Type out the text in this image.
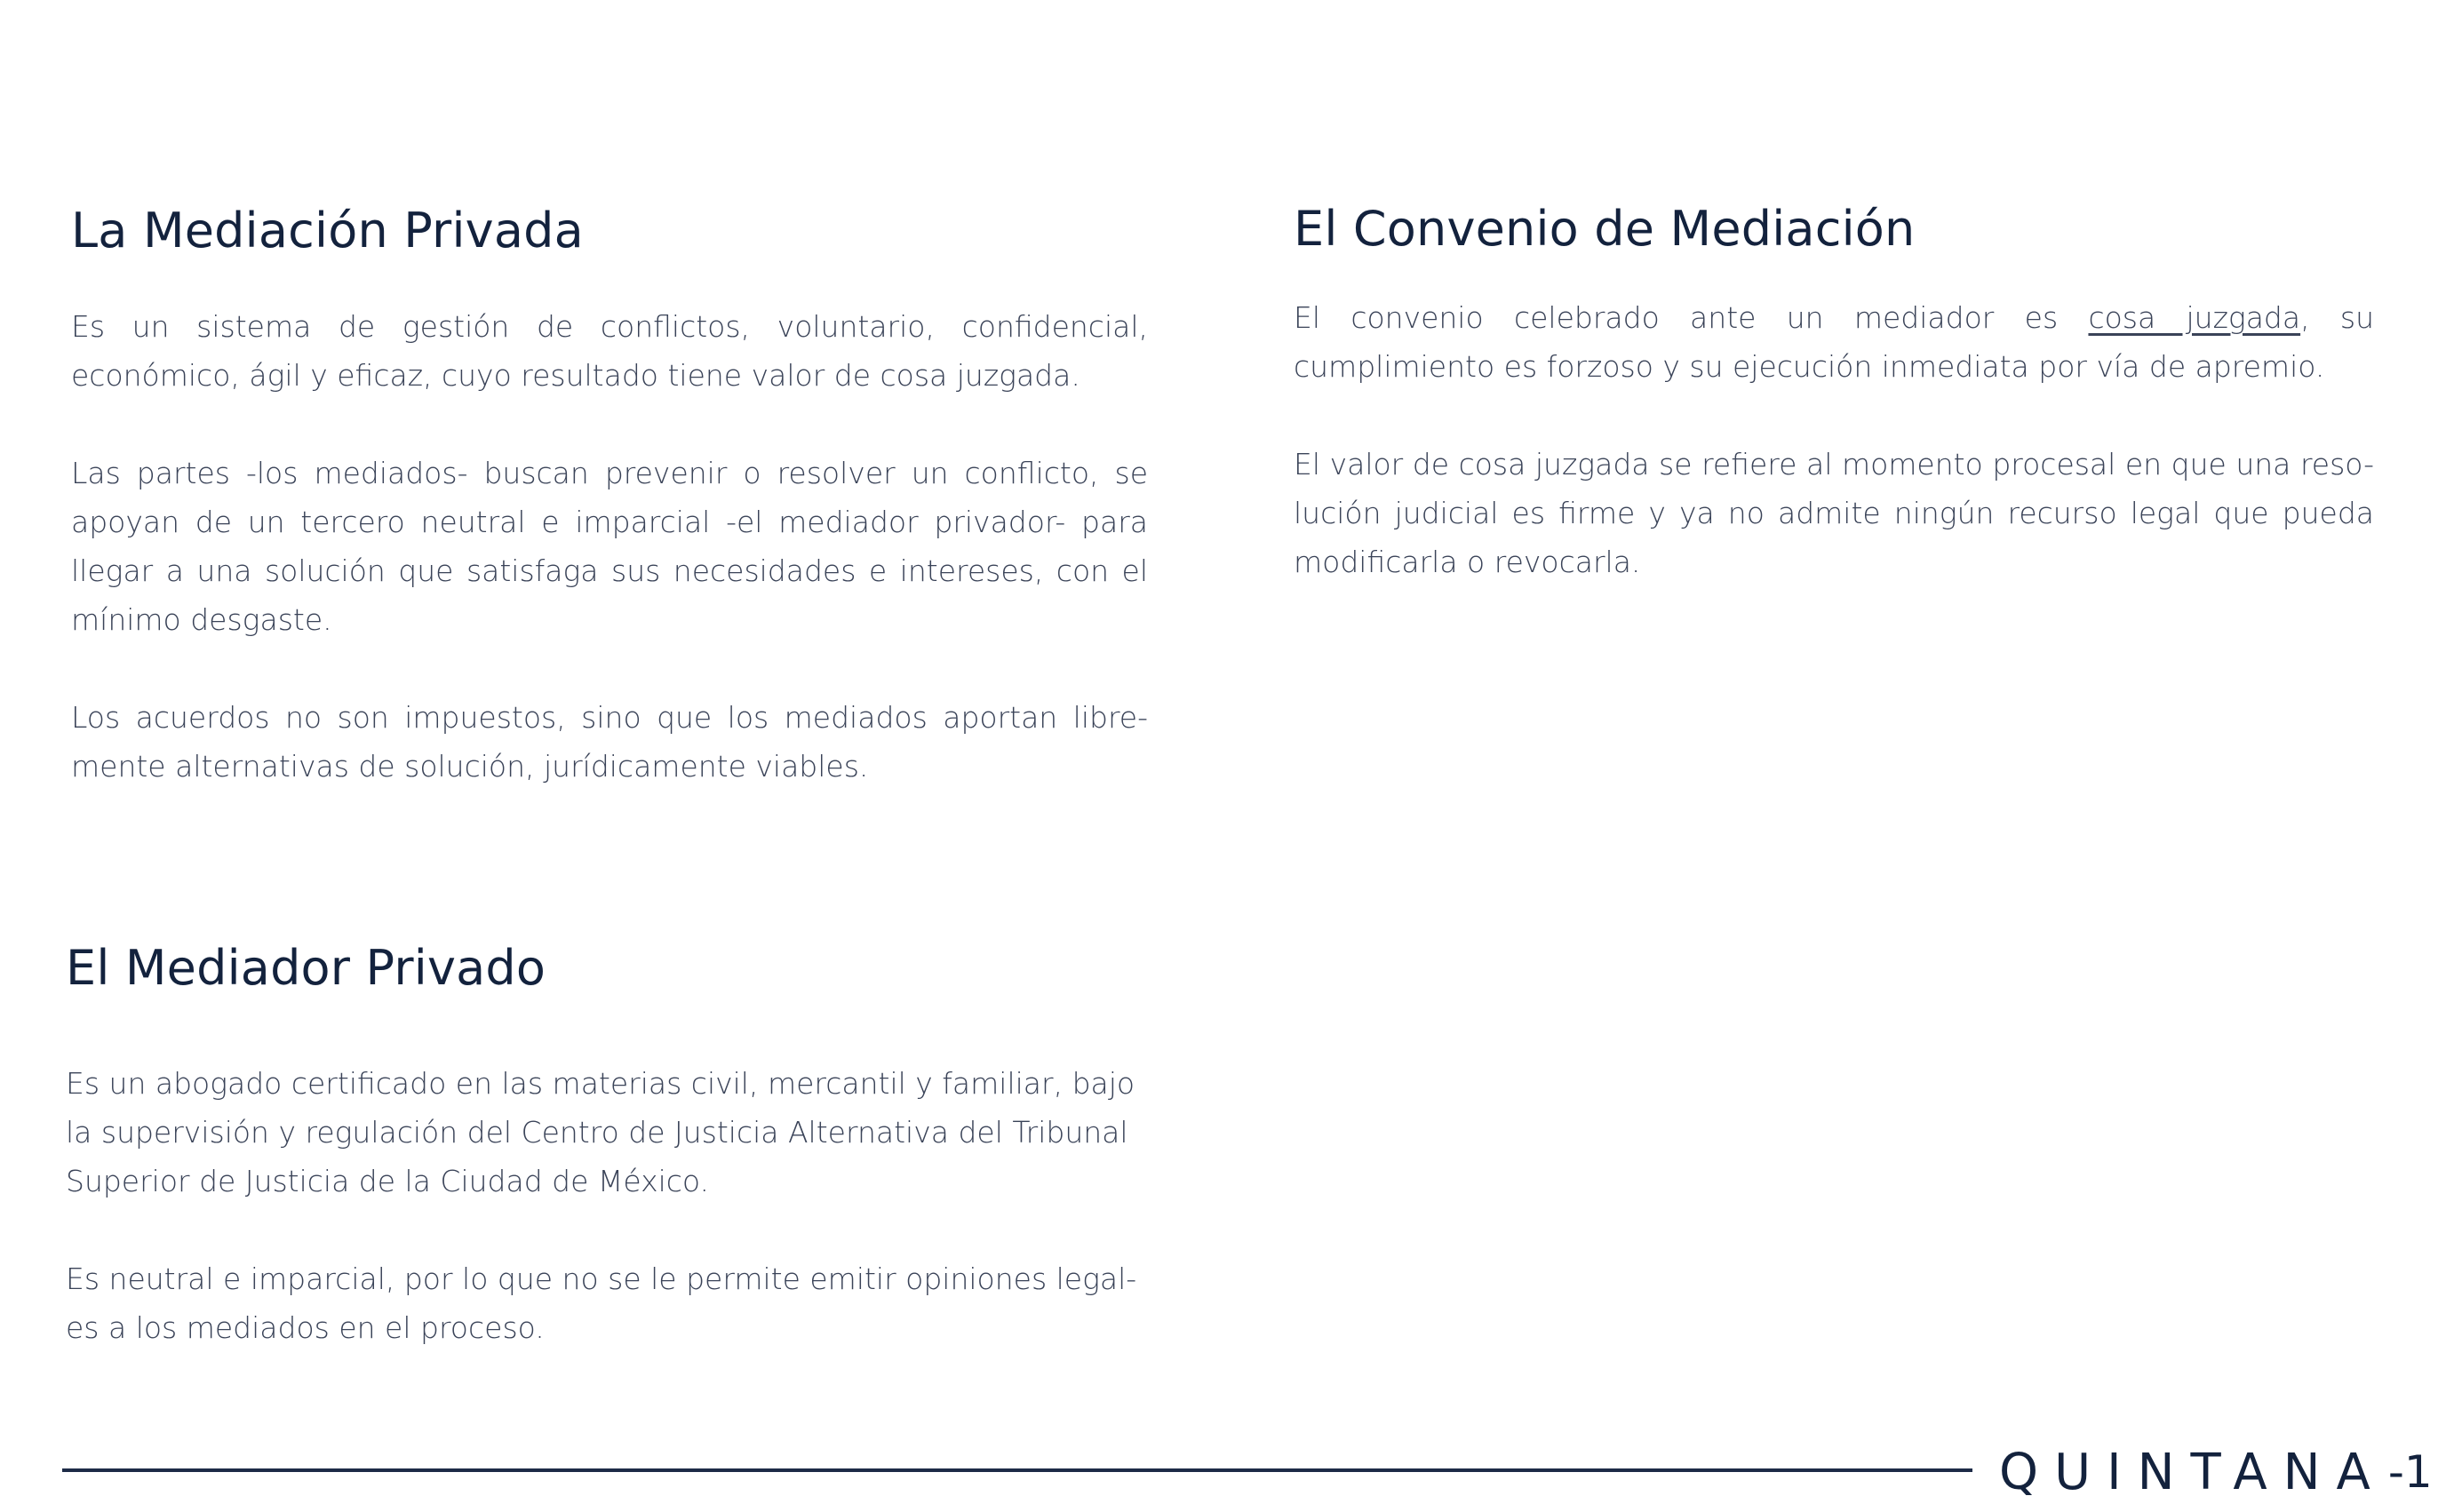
La Mediación Privada

Es un sistema de gestión de conflictos, voluntario, confidencial, económico, ágil y eficaz, cuyo resultado tiene valor de cosa juzgada.

Las partes -los mediados- buscan prevenir o resolver un conflicto, se apoyan de un tercero neutral e imparcial -el mediador privador- para llegar a una solución que satisfaga sus necesidades e intereses, con el mínimo desgaste.

Los acuerdos no son impuestos, sino que los mediados aportan libre-mente alternativas de solución, jurídicamente viables.

El Convenio de Mediación

El convenio celebrado ante un mediador es cosa juzgada, su cumplimiento es forzoso y su ejecución inmediata por vía de apremio.

El valor de cosa juzgada se refiere al momento procesal en que una reso-lución judicial es firme y ya no admite ningún recurso legal que pueda modificarla o revocarla.

El Mediador Privado

Es un abogado certificado en las materias civil, mercantil y familiar, bajo la supervisión y regulación del Centro de Justicia Alternativa del Tribunal Superior de Justicia de la Ciudad de México.

Es neutral e imparcial, por lo que no se le permite emitir opiniones legal-es a los mediados en el proceso.

QUINTANA -1
